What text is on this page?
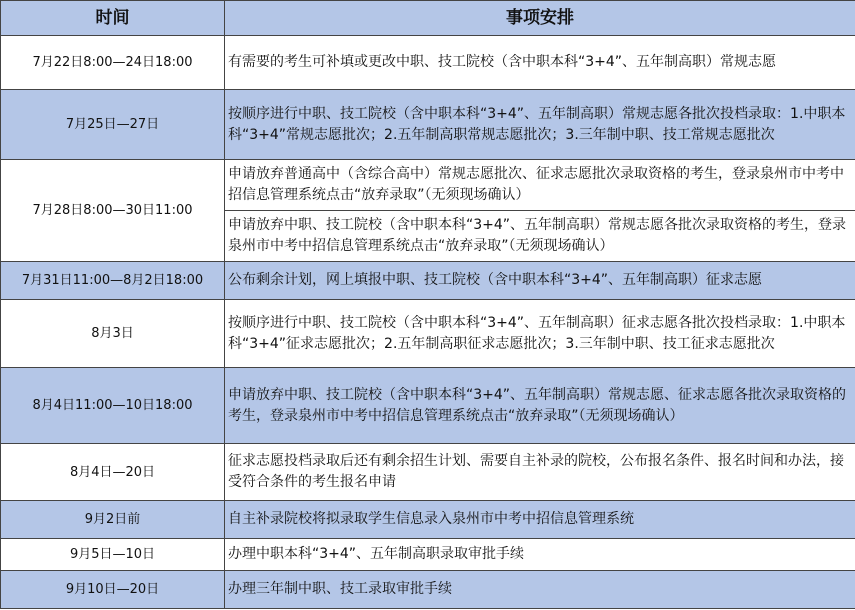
时间	事项安排
7月22日8:00—24日18:00	有需要的考生可补填或更改中职、技工院校（含中职本科“3+4”、五年制高职）常规志愿
7月25日—27日	按顺序进行中职、技工院校（含中职本科“3+4”、五年制高职）常规志愿各批次投档录取：1.中职本科“3+4”常规志愿批次；2.五年制高职常规志愿批次；3.三年制中职、技工常规志愿批次
7月28日8:00—30日11:00	申请放弃普通高中（含综合高中）常规志愿批次、征求志愿批次录取资格的考生，登录泉州市中考中招信息管理系统点击“放弃录取”（无须现场确认）
	申请放弃中职、技工院校（含中职本科“3+4”、五年制高职）常规志愿各批次录取资格的考生，登录泉州市中考中招信息管理系统点击“放弃录取”（无须现场确认）
7月31日11:00—8月2日18:00	公布剩余计划，网上填报中职、技工院校（含中职本科“3+4”、五年制高职）征求志愿
8月3日	按顺序进行中职、技工院校（含中职本科“3+4”、五年制高职）征求志愿各批次投档录取：1.中职本科“3+4”征求志愿批次；2.五年制高职征求志愿批次；3.三年制中职、技工征求志愿批次
8月4日11:00—10日18:00	申请放弃中职、技工院校（含中职本科“3+4”、五年制高职）常规志愿、征求志愿各批次录取资格的考生，登录泉州市中考中招信息管理系统点击“放弃录取”（无须现场确认）
8月4日—20日	征求志愿投档录取后还有剩余招生计划、需要自主补录的院校，公布报名条件、报名时间和办法，接受符合条件的考生报名申请
9月2日前	自主补录院校将拟录取学生信息录入泉州市中考中招信息管理系统
9月5日—10日	办理中职本科“3+4”、五年制高职录取审批手续
9月10日—20日	办理三年制中职、技工录取审批手续
